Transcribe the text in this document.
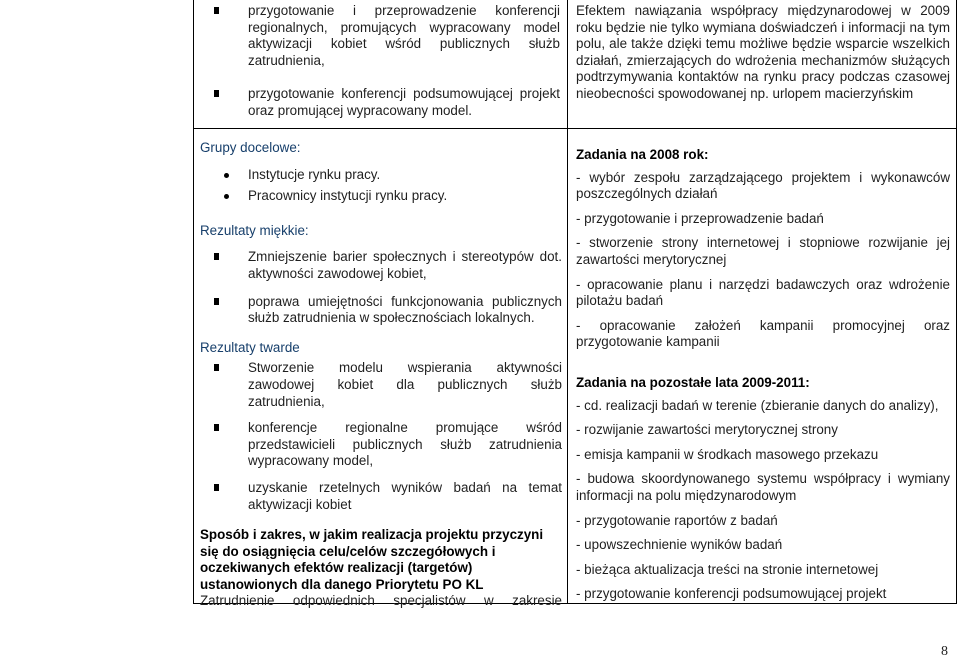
przygotowanie i przeprowadzenie konferencji regionalnych, promujących wypracowany model aktywizacji kobiet wśród publicznych służb zatrudnienia,
przygotowanie konferencji podsumowującej projekt oraz promującej wypracowany model.
Efektem nawiązania współpracy międzynarodowej w 2009 roku będzie nie tylko wymiana doświadczeń i informacji na tym polu, ale także dzięki temu możliwe będzie wsparcie wszelkich działań, zmierzających do wdrożenia mechanizmów służących podtrzymywania kontaktów na rynku pracy podczas czasowej nieobecności spowodowanej np. urlopem macierzyńskim
Grupy docelowe:
Instytucje rynku pracy.
Pracownicy instytucji rynku pracy.
Rezultaty miękkie:
Zmniejszenie barier społecznych i stereotypów dot. aktywności zawodowej kobiet,
poprawa umiejętności funkcjonowania publicznych służb zatrudnienia w społecznościach lokalnych.
Rezultaty twarde
Stworzenie modelu wspierania aktywności zawodowej kobiet dla publicznych służb zatrudnienia,
konferencje regionalne promujące wśród przedstawicieli publicznych służb zatrudnienia wypracowany model,
uzyskanie rzetelnych wyników badań na temat aktywizacji kobiet
Sposób i zakres, w jakim realizacja projektu przyczyni się do osiągnięcia celu/celów szczegółowych i oczekiwanych efektów realizacji (targetów) ustanowionych dla danego Priorytetu PO KL
Zatrudnienie odpowiednich specjalistów w zakresie
Zadania na 2008 rok:
- wybór zespołu zarządzającego projektem i wykonawców poszczególnych działań
- przygotowanie i przeprowadzenie badań
- stworzenie strony internetowej i stopniowe rozwijanie jej zawartości merytorycznej
- opracowanie planu i narzędzi badawczych oraz wdrożenie pilotażu badań
- opracowanie założeń kampanii promocyjnej oraz przygotowanie kampanii
Zadania na pozostałe lata 2009-2011:
- cd. realizacji badań w terenie (zbieranie danych do analizy),
- rozwijanie zawartości merytorycznej strony
- emisja kampanii w środkach masowego przekazu
- budowa skoordynowanego systemu współpracy i wymiany informacji na polu międzynarodowym
- przygotowanie raportów z badań
- upowszechnienie wyników badań
- bieżąca aktualizacja treści na stronie internetowej
- przygotowanie konferencji podsumowującej projekt
8
